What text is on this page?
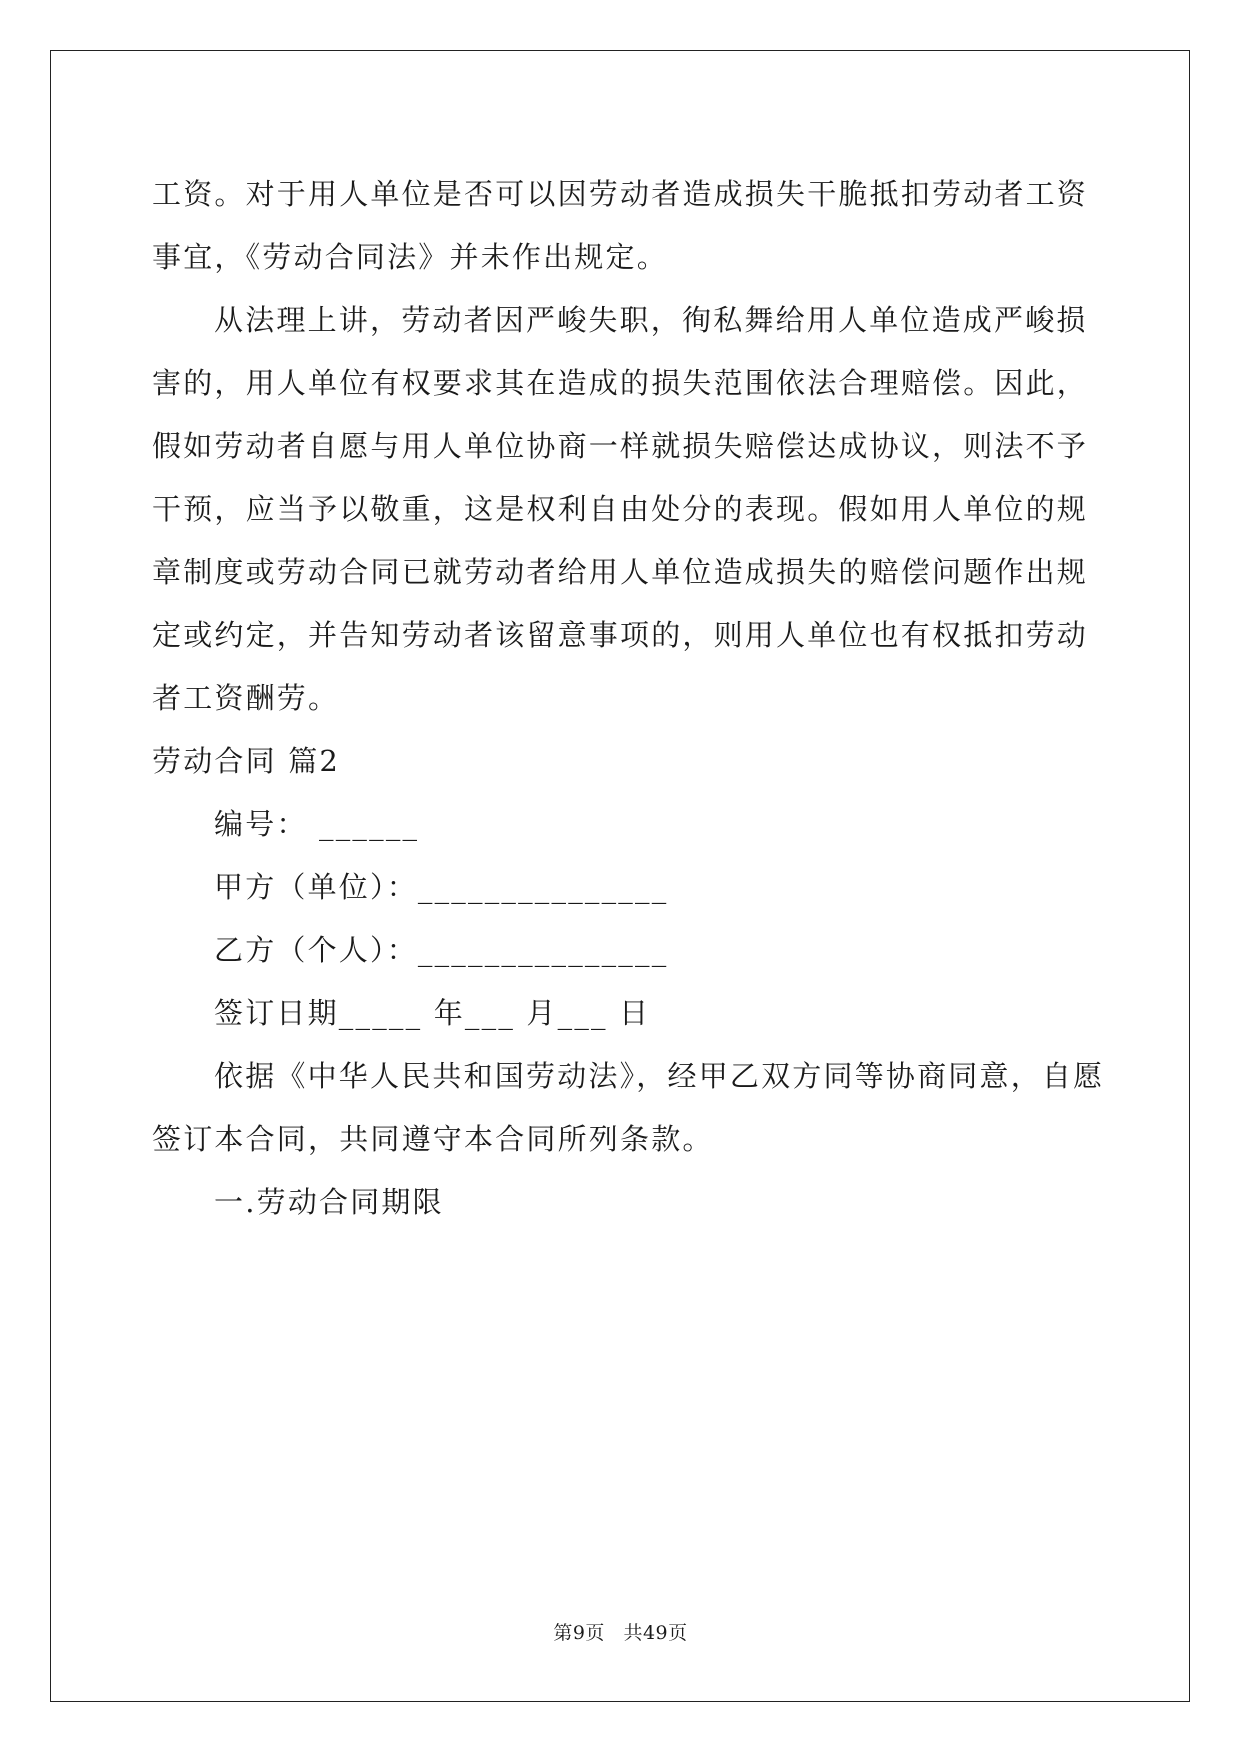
工资。对于用人单位是否可以因劳动者造成损失干脆抵扣劳动者工资
事宜，《劳动合同法》并未作出规定。
从法理上讲，劳动者因严峻失职，徇私舞给用人单位造成严峻损
害的，用人单位有权要求其在造成的损失范围依法合理赔偿。因此，
假如劳动者自愿与用人单位协商一样就损失赔偿达成协议，则法不予
干预，应当予以敬重，这是权利自由处分的表现。假如用人单位的规
章制度或劳动合同已就劳动者给用人单位造成损失的赔偿问题作出规
定或约定，并告知劳动者该留意事项的，则用人单位也有权抵扣劳动
者工资酬劳。
劳动合同 篇2
编号： ______
甲方（单位）：_______________
乙方（个人）：_______________
签订日期_____ 年___ 月___ 日
依据《中华人民共和国劳动法》，经甲乙双方同等协商同意，自愿
签订本合同，共同遵守本合同所列条款。
一.劳动合同期限
第9页 共49页
